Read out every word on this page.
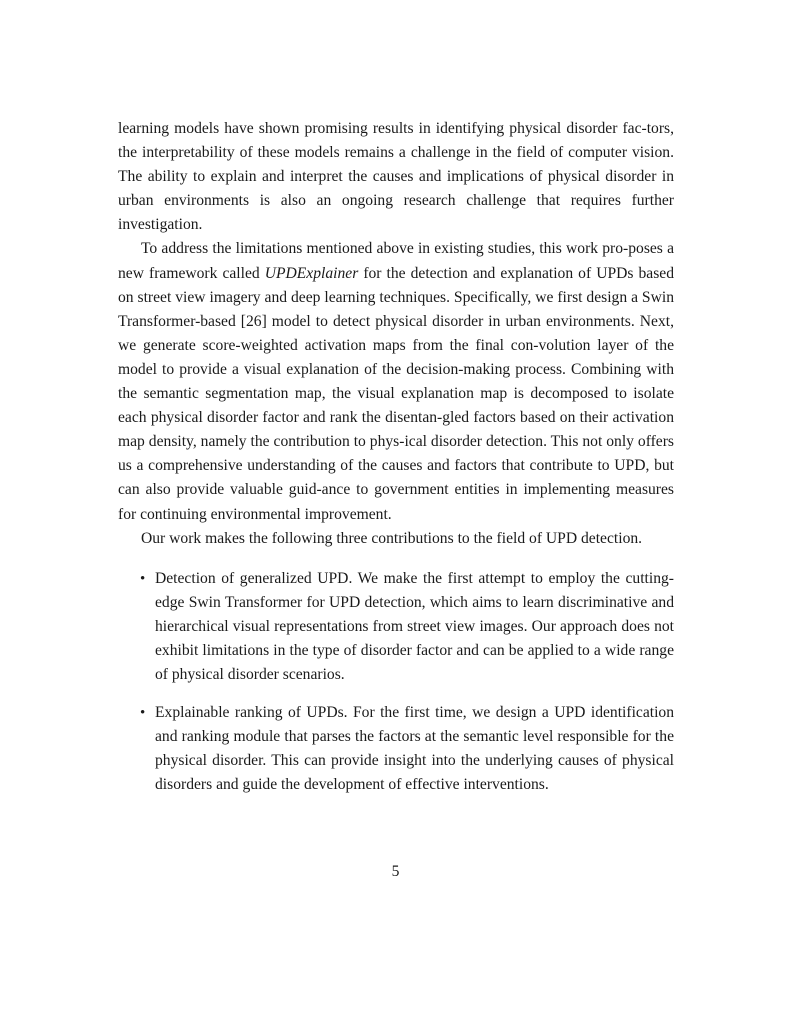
learning models have shown promising results in identifying physical disorder fac-tors, the interpretability of these models remains a challenge in the field of computer vision. The ability to explain and interpret the causes and implications of physical disorder in urban environments is also an ongoing research challenge that requires further investigation.

To address the limitations mentioned above in existing studies, this work pro-poses a new framework called UPDExplainer for the detection and explanation of UPDs based on street view imagery and deep learning techniques. Specifically, we first design a Swin Transformer-based [26] model to detect physical disorder in urban environments. Next, we generate score-weighted activation maps from the final con-volution layer of the model to provide a visual explanation of the decision-making process. Combining with the semantic segmentation map, the visual explanation map is decomposed to isolate each physical disorder factor and rank the disentan-gled factors based on their activation map density, namely the contribution to phys-ical disorder detection. This not only offers us a comprehensive understanding of the causes and factors that contribute to UPD, but can also provide valuable guid-ance to government entities in implementing measures for continuing environmental improvement.

Our work makes the following three contributions to the field of UPD detection.

• Detection of generalized UPD. We make the first attempt to employ the cutting-edge Swin Transformer for UPD detection, which aims to learn discriminative and hierarchical visual representations from street view images. Our approach does not exhibit limitations in the type of disorder factor and can be applied to a wide range of physical disorder scenarios.
• Explainable ranking of UPDs. For the first time, we design a UPD identification and ranking module that parses the factors at the semantic level responsible for the physical disorder. This can provide insight into the underlying causes of physical disorders and guide the development of effective interventions.
5
